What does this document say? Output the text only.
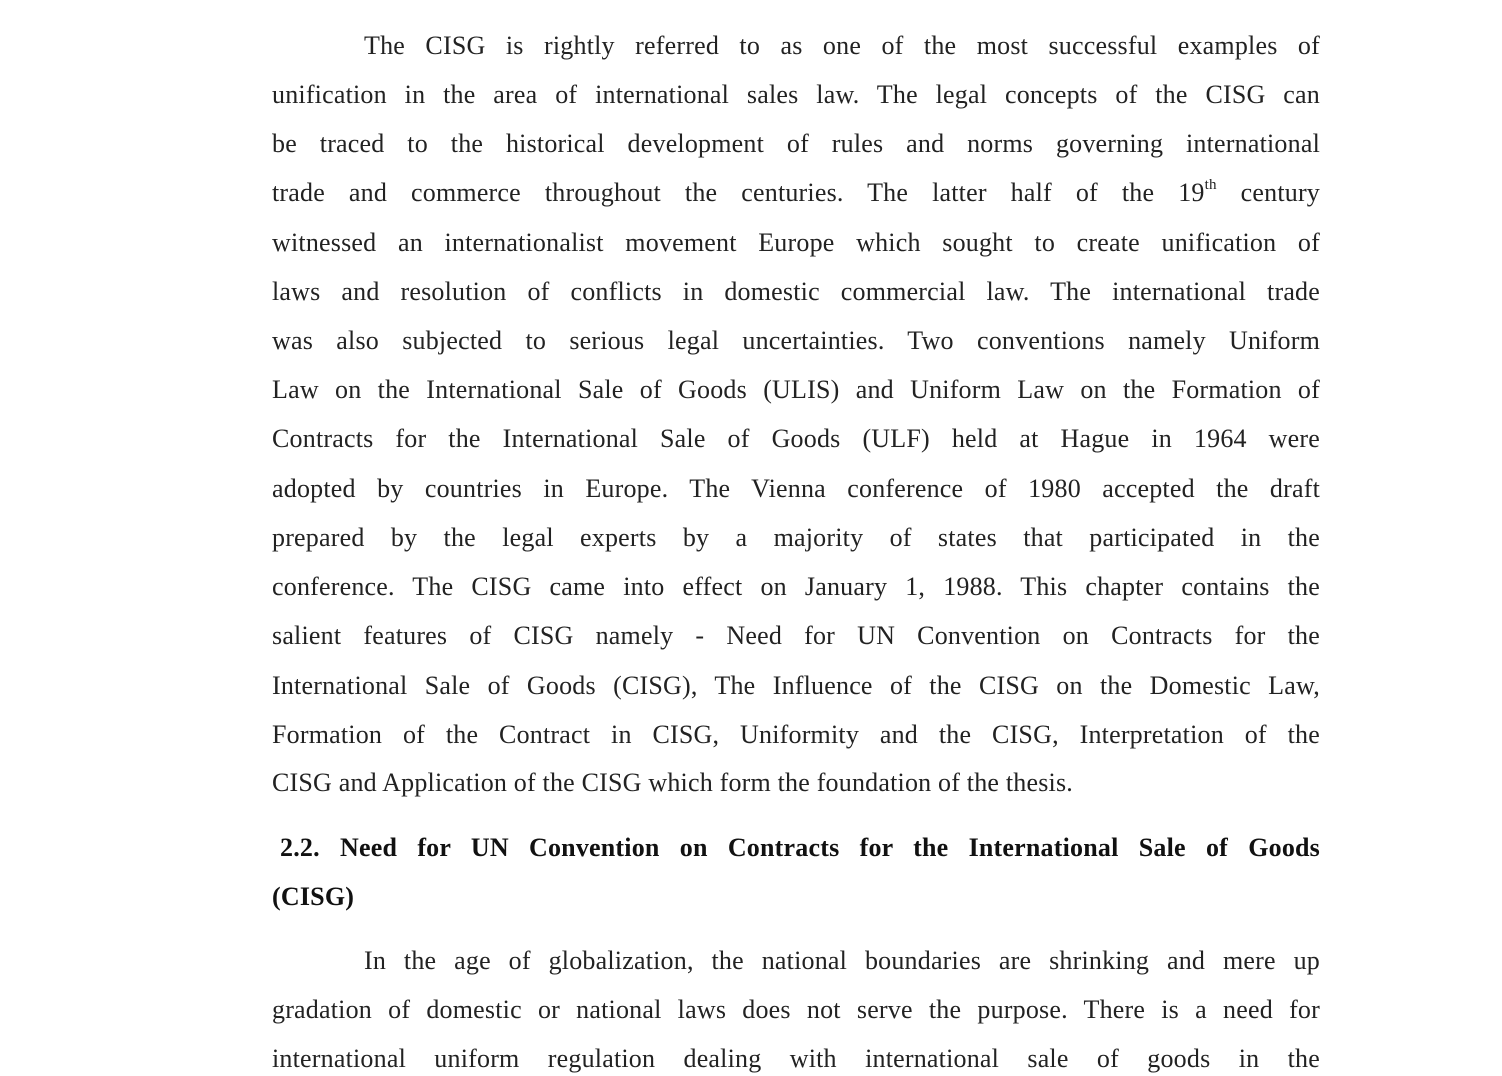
The CISG is rightly referred to as one of the most successful examples of
unification in the area of international sales law. The legal concepts of the CISG can
be traced to the historical development of rules and norms governing international
trade and commerce throughout the centuries. The latter half of the 19th century
witnessed an internationalist movement Europe which sought to create unification of
laws and resolution of conflicts in domestic commercial law. The international trade
was also subjected to serious legal uncertainties. Two conventions namely Uniform
Law on the International Sale of Goods (ULIS) and Uniform Law on the Formation of
Contracts for the International Sale of Goods (ULF) held at Hague in 1964 were
adopted by countries in Europe. The Vienna conference of 1980 accepted the draft
prepared by the legal experts by a majority of states that participated in the
conference. The CISG came into effect on January 1, 1988. This chapter contains the
salient features of CISG namely - Need for UN Convention on Contracts for the
International Sale of Goods (CISG), The Influence of the CISG on the Domestic Law,
Formation of the Contract in CISG, Uniformity and the CISG, Interpretation of the
CISG and Application of the CISG which form the foundation of the thesis.
2.2. Need for UN Convention on Contracts for the International Sale of Goods
(CISG)
In the age of globalization, the national boundaries are shrinking and mere up
gradation of domestic or national laws does not serve the purpose. There is a need for
international uniform regulation dealing with international sale of goods in the
